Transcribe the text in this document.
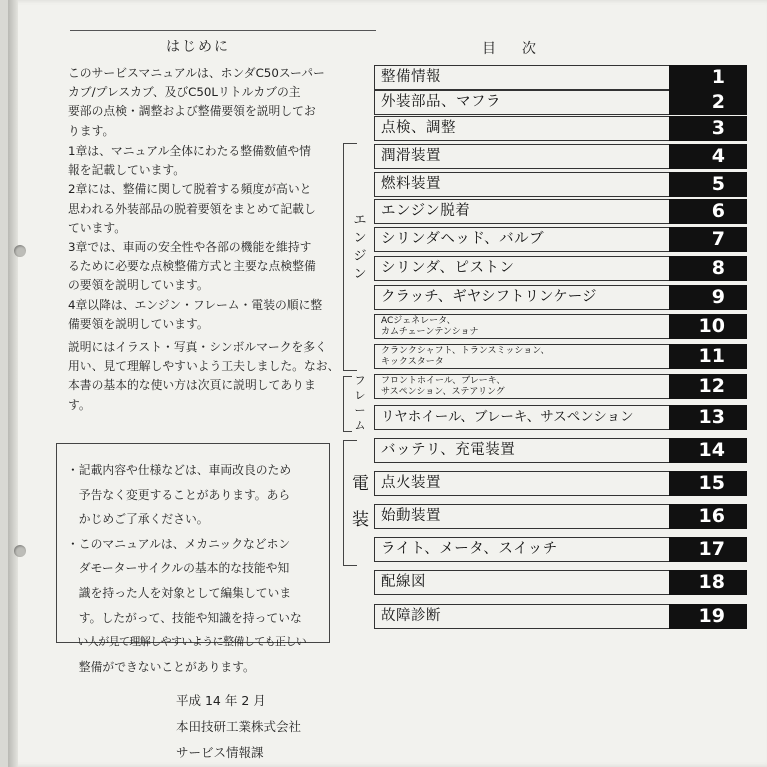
はじめに
このサービスマニュアルは、ホンダC50スーパー
カブ/プレスカブ、及びC50Lリトルカブの主
要部の点検・調整および整備要領を説明してお
ります。
1章は、マニュアル全体にわたる整備数値や情
報を記載しています。
2章には、整備に関して脱着する頻度が高いと
思われる外装部品の脱着要領をまとめて記載し
ています。
3章では、車両の安全性や各部の機能を維持す
るために必要な点検整備方式と主要な点検整備
の要領を説明しています。
4章以降は、エンジン・フレーム・電装の順に整
備要領を説明しています。
説明にはイラスト・写真・シンボルマークを多く
用い、見て理解しやすいよう工夫しました。なお、
本書の基本的な使い方は次頁に説明してありま
す。
・記載内容や仕様などは、車両改良のため
　予告なく変更することがあります。あら
　かじめご了承ください。
・このマニュアルは、メカニックなどホン
　ダモーターサイクルの基本的な技能や知
　識を持った人を対象として編集していま
　す。したがって、技能や知識を持っていな
　い人が見て理解しやすいように整備しても正しい
　整備ができないことがあります。
平成 14 年 2 月
本田技研工業株式会社
サービス情報課
目　次
エンジン
フレーム
電装
整備情報	1
外装部品、マフラ	2
点検、調整	3
潤滑装置	4
燃料装置	5
エンジン脱着	6
シリンダヘッド、バルブ	7
シリンダ、ピストン	8
クラッチ、ギヤシフトリンケージ	9
ACジェネレータ、
カムチェーンテンショナ	10
クランクシャフト、トランスミッション、
キックスタータ	11
フロントホイール、ブレーキ、
サスペンション、ステアリング	12
リヤホイール、ブレーキ、サスペンション	13
バッテリ、充電装置	14
点火装置	15
始動装置	16
ライト、メータ、スイッチ	17
配線図	18
故障診断	19
